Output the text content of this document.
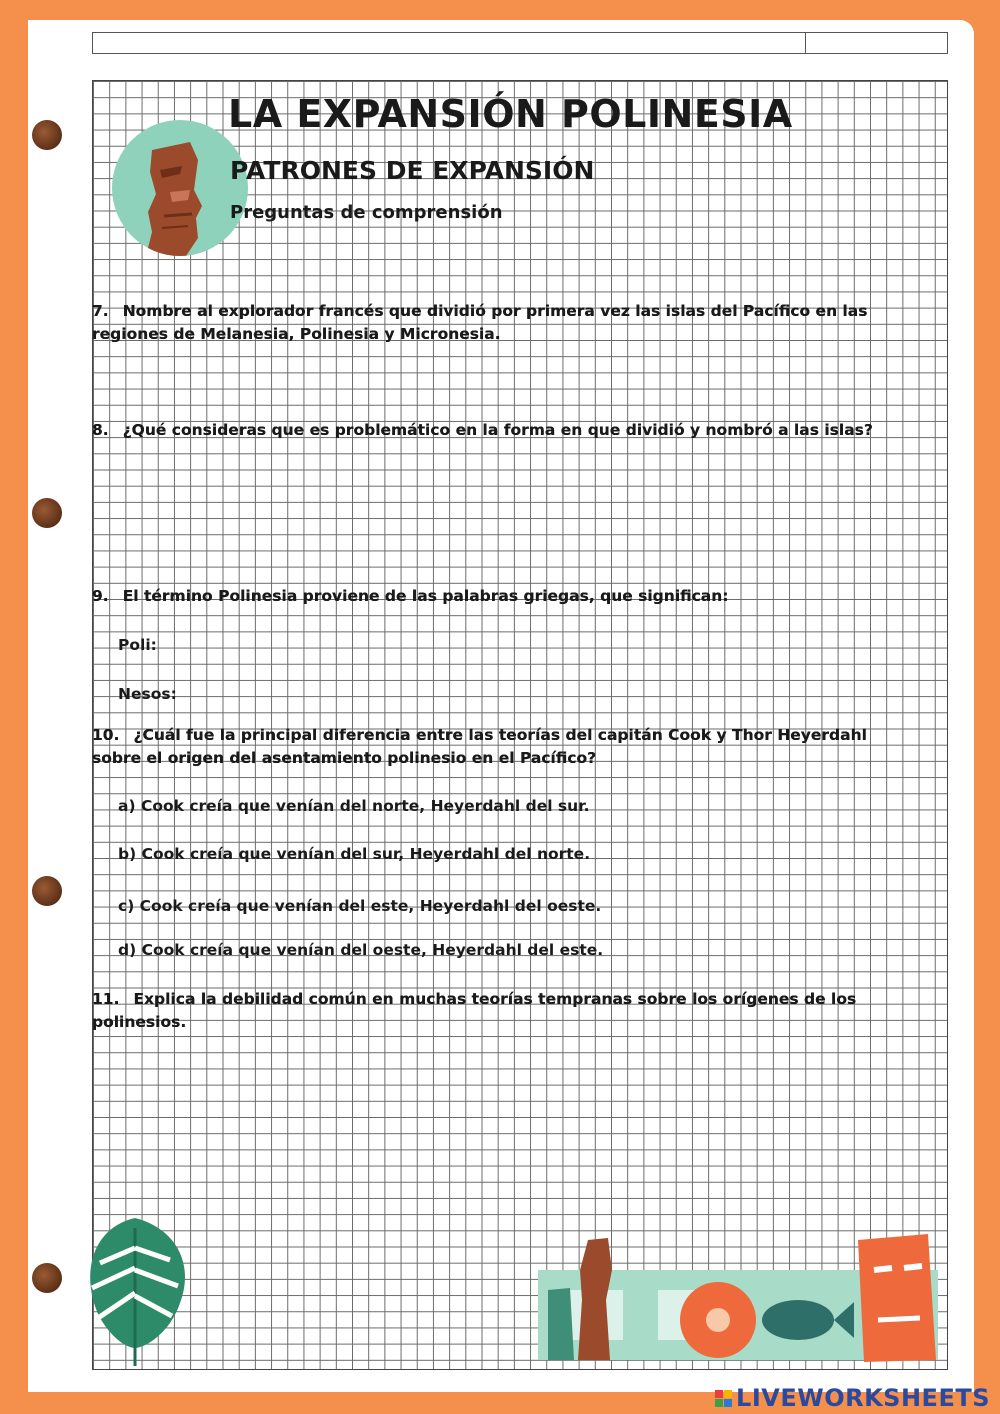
LA EXPANSIÓN POLINESIA
PATRONES DE EXPANSIÓN
Preguntas de comprensión
7. Nombre al explorador francés que dividió por primera vez las islas del Pacífico en las regiones de Melanesia, Polinesia y Micronesia.
8. ¿Qué consideras que es problemático en la forma en que dividió y nombró a las islas?
9. El término Polinesia proviene de las palabras griegas, que significan:
Poli:
Nesos:
10. ¿Cuál fue la principal diferencia entre las teorías del capitán Cook y Thor Heyerdahl sobre el origen del asentamiento polinesio en el Pacífico?
a) Cook creía que venían del norte, Heyerdahl del sur.
b) Cook creía que venían del sur, Heyerdahl del norte.
c) Cook creía que venían del este, Heyerdahl del oeste.
d) Cook creía que venían del oeste, Heyerdahl del este.
11. Explica la debilidad común en muchas teorías tempranas sobre los orígenes de los polinesios.
LIVEWORKSHEETS
